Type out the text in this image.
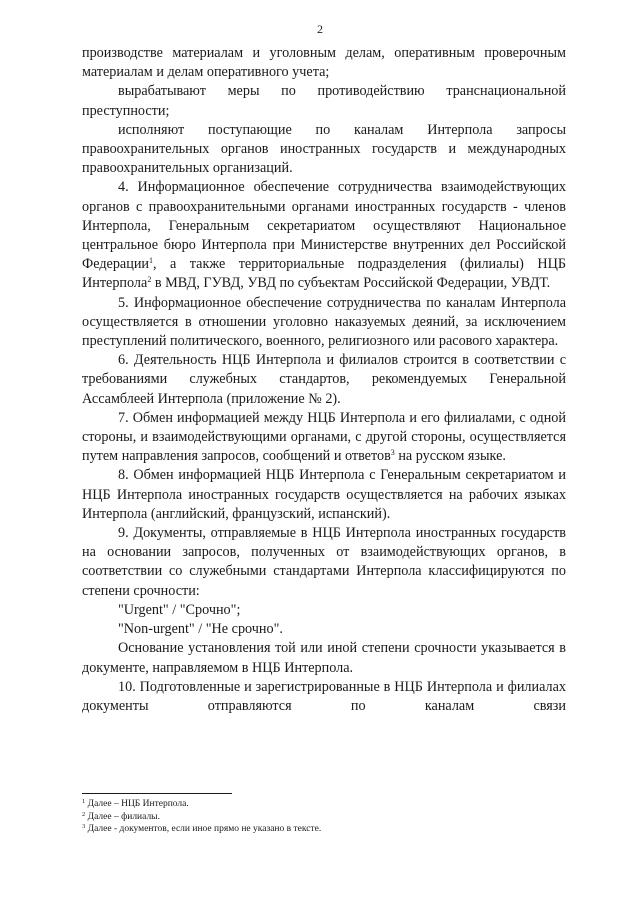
2

производстве материалам и уголовным делам, оперативным проверочным материалам и делам оперативного учета;

вырабатывают меры по противодействию транснациональной преступности;

исполняют поступающие по каналам Интерпола запросы правоохранительных органов иностранных государств и международных правоохранительных организаций.

4. Информационное обеспечение сотрудничества взаимодействующих органов с правоохранительными органами иностранных государств - членов Интерпола, Генеральным секретариатом осуществляют Национальное центральное бюро Интерпола при Министерстве внутренних дел Российской Федерации$^1$, а также территориальные подразделения (филиалы) НЦБ Интерпола$^2$ в МВД, ГУВД, УВД по субъектам Российской Федерации, УВДТ.

5. Информационное обеспечение сотрудничества по каналам Интерпола осуществляется в отношении уголовно наказуемых деяний, за исключением преступлений политического, военного, религиозного или расового характера.

6. Деятельность НЦБ Интерпола и филиалов строится в соответствии с требованиями служебных стандартов, рекомендуемых Генеральной Ассамблеей Интерпола (приложение № 2).

7. Обмен информацией между НЦБ Интерпола и его филиалами, с одной стороны, и взаимодействующими органами, с другой стороны, осуществляется путем направления запросов, сообщений и ответов$^3$ на русском языке.

8. Обмен информацией НЦБ Интерпола с Генеральным секретариатом и НЦБ Интерпола иностранных государств осуществляется на рабочих языках Интерпола (английский, французский, испанский).

9. Документы, отправляемые в НЦБ Интерпола иностранных государств на основании запросов, полученных от взаимодействующих органов, в соответствии со служебными стандартами Интерпола классифицируются по степени срочности:

"Urgent" / "Срочно";

"Non-urgent" / "Не срочно".

Основание установления той или иной степени срочности указывается в документе, направляемом в НЦБ Интерпола.

10. Подготовленные и зарегистрированные в НЦБ Интерпола и филиалах документы отправляются по каналам связи

$^1$ Далее – НЦБ Интерпола.
$^2$ Далее – филиалы.
$^3$ Далее - документов, если иное прямо не указано в тексте.
